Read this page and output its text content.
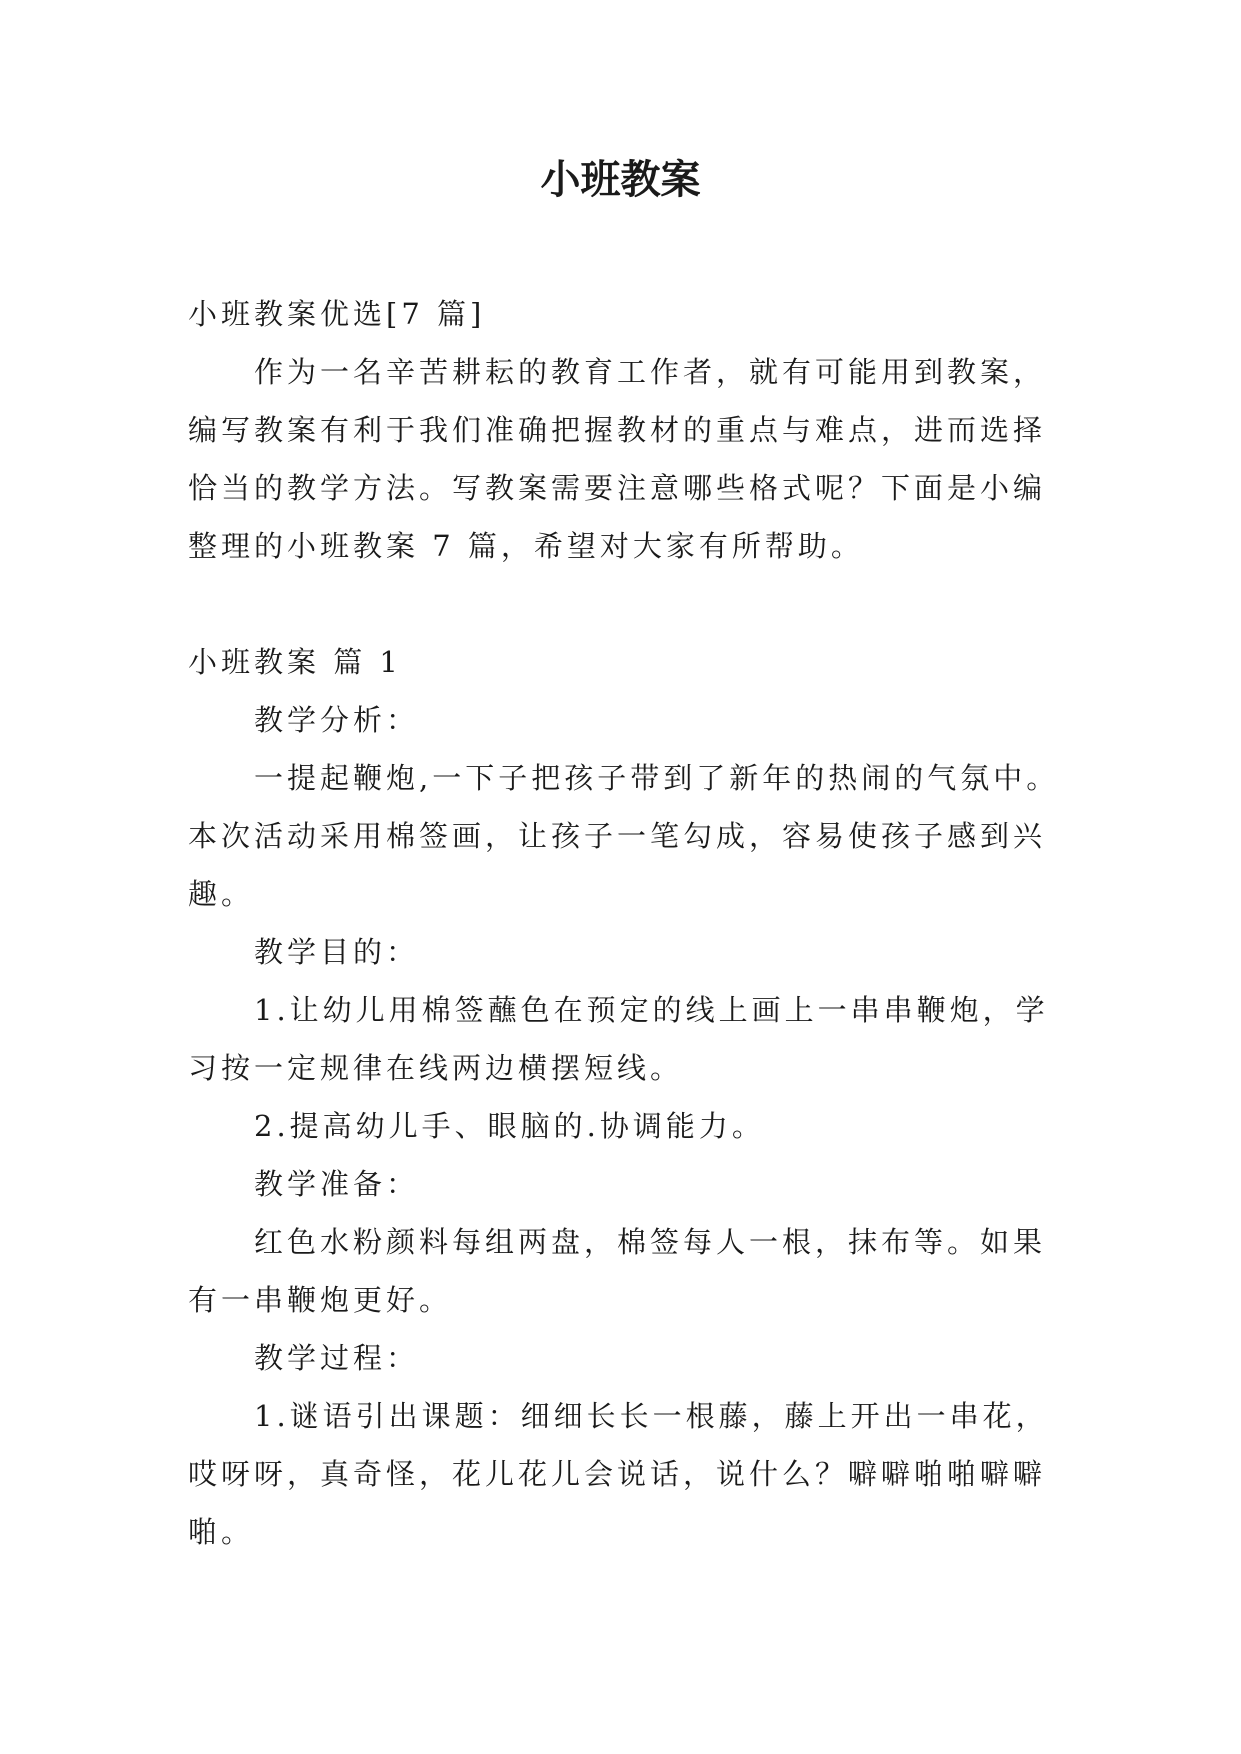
小班教案

小班教案优选[7 篇]

作为一名辛苦耕耘的教育工作者，就有可能用到教案，

编写教案有利于我们准确把握教材的重点与难点，进而选择

恰当的教学方法。写教案需要注意哪些格式呢？下面是小编

整理的小班教案 7 篇，希望对大家有所帮助。

小班教案 篇 1

教学分析：

一提起鞭炮,一下子把孩子带到了新年的热闹的气氛中。

本次活动采用棉签画，让孩子一笔勾成，容易使孩子感到兴

趣。

教学目的：

1.让幼儿用棉签蘸色在预定的线上画上一串串鞭炮，学

习按一定规律在线两边横摆短线。

2.提高幼儿手、眼脑的.协调能力。

教学准备：

红色水粉颜料每组两盘，棉签每人一根，抹布等。如果

有一串鞭炮更好。

教学过程：

1.谜语引出课题：细细长长一根藤，藤上开出一串花，

哎呀呀，真奇怪，花儿花儿会说话，说什么？噼噼啪啪噼噼

啪。
